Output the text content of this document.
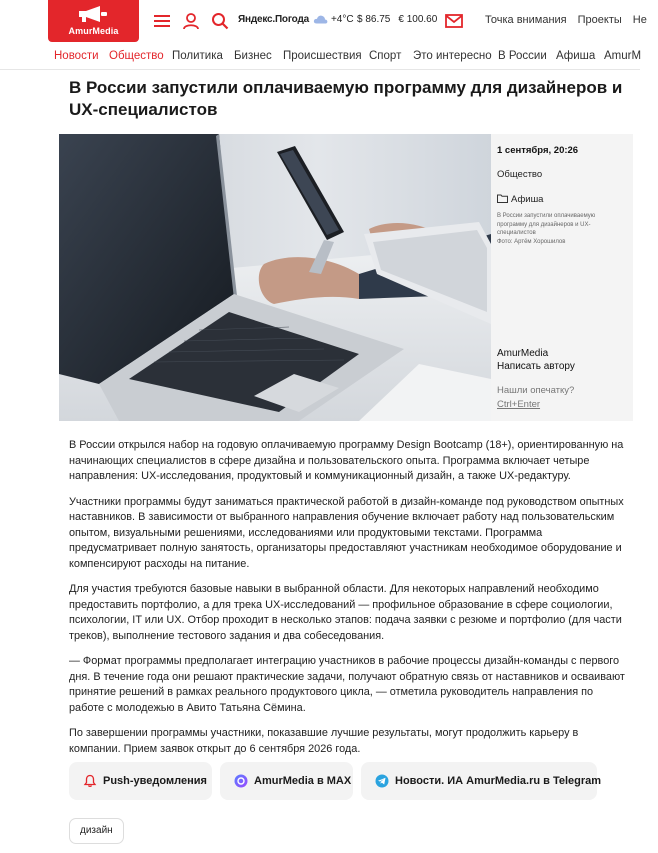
AmurMedia
Яндекс.Погода +4°C $ 86.75 € 100.60	Точка внимания Проекты Не
Новости Общество Политика Бизнес Происшествия Спорт Это интересно В России Афиша AmurM
В России запустили оплачиваемую программу для дизайнеров и UX-специалистов
1 сентября, 20:26
Общество
Афиша
В России запустили оплачиваемую программу для дизайнеров и UX-специалистов
Фото: Артём Хорошилов
AmurMedia
Написать автору
Нашли опечатку?
Ctrl+Enter

В России открылся набор на годовую оплачиваемую программу Design Bootcamp (18+), ориентированную на начинающих специалистов в сфере дизайна и пользовательского опыта. Программа включает четыре направления: UX-исследования, продуктовый и коммуникационный дизайн, а также UX-редактуру.

Участники программы будут заниматься практической работой в дизайн-команде под руководством опытных наставников. В зависимости от выбранного направления обучение включает работу над пользовательским опытом, визуальными решениями, исследованиями или продуктовыми текстами. Программа предусматривает полную занятость, организаторы предоставляют участникам необходимое оборудование и компенсируют расходы на питание.

Для участия требуются базовые навыки в выбранной области. Для некоторых направлений необходимо предоставить портфолио, а для трека UX-исследований — профильное образование в сфере социологии, психологии, IT или UX. Отбор проходит в несколько этапов: подача заявки с резюме и портфолио (для части треков), выполнение тестового задания и два собеседования.

— Формат программы предполагает интеграцию участников в рабочие процессы дизайн-команды с первого дня. В течение года они решают практические задачи, получают обратную связь от наставников и осваивают принятие решений в рамках реального продуктового цикла, — отметила руководитель направления по работе с молодежью в Авито Татьяна Сёмина.

По завершении программы участники, показавшие лучшие результаты, могут продолжить карьеру в компании. Прием заявок открыт до 6 сентября 2026 года.

Push-уведомления	AmurMedia в MAX	Новости. ИА AmurMedia.ru в Telegram
дизайн
